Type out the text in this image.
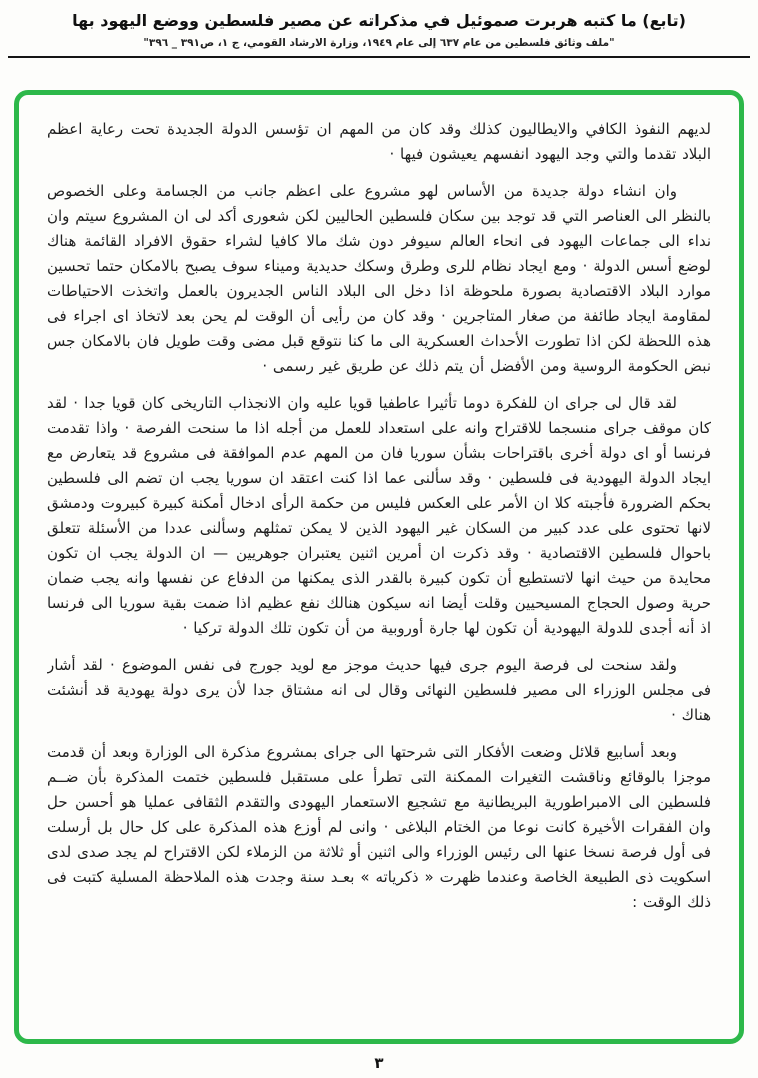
(تابع) ما كتبه هربرت صموئيل في مذكراته عن مصير فلسطين ووضع اليهود بها
"ملف وثائق فلسطين من عام ٦٣٧ إلى عام ١٩٤٩، وزارة الارشاد القومي، ج ١، ص٣٩١ _ ٣٩٦"

لديهم النفوذ الكافي والايطاليون كذلك وقد كان من المهم ان تؤسس الدولة الجديدة تحت رعاية اعظم البلاد تقدما والتي وجد اليهود انفسهم يعيشون فيها ·

وان انشاء دولة جديدة من الأساس لهو مشروع على اعظم جانب من الجسامة وعلى الخصوص بالنظر الى العناصر التي قد توجد بين سكان فلسطين الحاليين لكن شعورى أكد لى ان المشروع سيتم وان نداء الى جماعات اليهود فى انحاء العالم سيوفر دون شك مالا كافيا لشراء حقوق الافراد القائمة هناك لوضع أسس الدولة · ومع ايجاد نظام للرى وطرق وسكك حديدية وميناء سوف يصبح بالامكان حتما تحسين موارد البلاد الاقتصادية بصورة ملحوظة اذا دخل الى البلاد الناس الجديرون بالعمل واتخذت الاحتياطات لمقاومة ايجاد طائفة من صغار المتاجرين · وقد كان من رأيى أن الوقت لم يحن بعد لاتخاذ اى اجراء فى هذه اللحظة لكن اذا تطورت الأحداث العسكرية الى ما كنا نتوقع قبل مضى وقت طويل فان بالامكان جس نبض الحكومة الروسية ومن الأفضل أن يتم ذلك عن طريق غير رسمى ·

لقد قال لى جراى ان للفكرة دوما تأثيرا عاطفيا قويا عليه وان الانجذاب التاريخى كان قويا جدا · لقد كان موقف جراى منسجما للاقتراح وانه على استعداد للعمل من أجله اذا ما سنحت الفرصة · واذا تقدمت فرنسا أو اى دولة أخرى باقتراحات بشأن سوريا فان من المهم عدم الموافقة فى مشروع قد يتعارض مع ايجاد الدولة اليهودية فى فلسطين · وقد سألنى عما اذا كنت اعتقد ان سوريا يجب ان تضم الى فلسطين بحكم الضرورة فأجبته كلا ان الأمر على العكس فليس من حكمة الرأى ادخال أمكنة كبيرة كبيروت ودمشق لانها تحتوى على عدد كبير من السكان غير اليهود الذين لا يمكن تمثلهم وسألنى عددا من الأسئلة تتعلق باحوال فلسطين الاقتصادية · وقد ذكرت ان أمرين اثنين يعتبران جوهريين — ان الدولة يجب ان تكون محايدة من حيث انها لاتستطيع أن تكون كبيرة بالقدر الذى يمكنها من الدفاع عن نفسها وانه يجب ضمان حرية وصول الحجاج المسيحيين وقلت أيضا انه سيكون هنالك نفع عظيم اذا ضمت بقية سوريا الى فرنسا اذ أنه أجدى للدولة اليهودية أن تكون لها جارة أوروبية من أن تكون تلك الدولة تركيا ·

ولقد سنحت لى فرصة اليوم جرى فيها حديث موجز مع لويد جورج فى نفس الموضوع · لقد أشار فى مجلس الوزراء الى مصير فلسطين النهائى وقال لى انه مشتاق جدا لأن يرى دولة يهودية قد أنشئت هناك ·

وبعد أسابيع قلائل وضعت الأفكار التى شرحتها الى جراى بمشروع مذكرة الى الوزارة وبعد أن قدمت موجزا بالوقائع وناقشت التغيرات الممكنة التى تطرأ على مستقبل فلسطين ختمت المذكرة بأن ضــم فلسطين الى الامبراطورية البريطانية مع تشجيع الاستعمار اليهودى والتقدم الثقافى عمليا هو أحسن حل وان الفقرات الأخيرة كانت نوعا من الختام البلاغى · وانى لم أوزع هذه المذكرة على كل حال بل أرسلت فى أول فرصة نسخا عنها الى رئيس الوزراء والى اثنين أو ثلاثة من الزملاء لكن الاقتراح لم يجد صدى لدى اسكويت ذى الطبيعة الخاصة وعندما ظهرت « ذكرياته » بعـد سنة وجدت هذه الملاحظة المسلية كتبت فى ذلك الوقت :

٣
